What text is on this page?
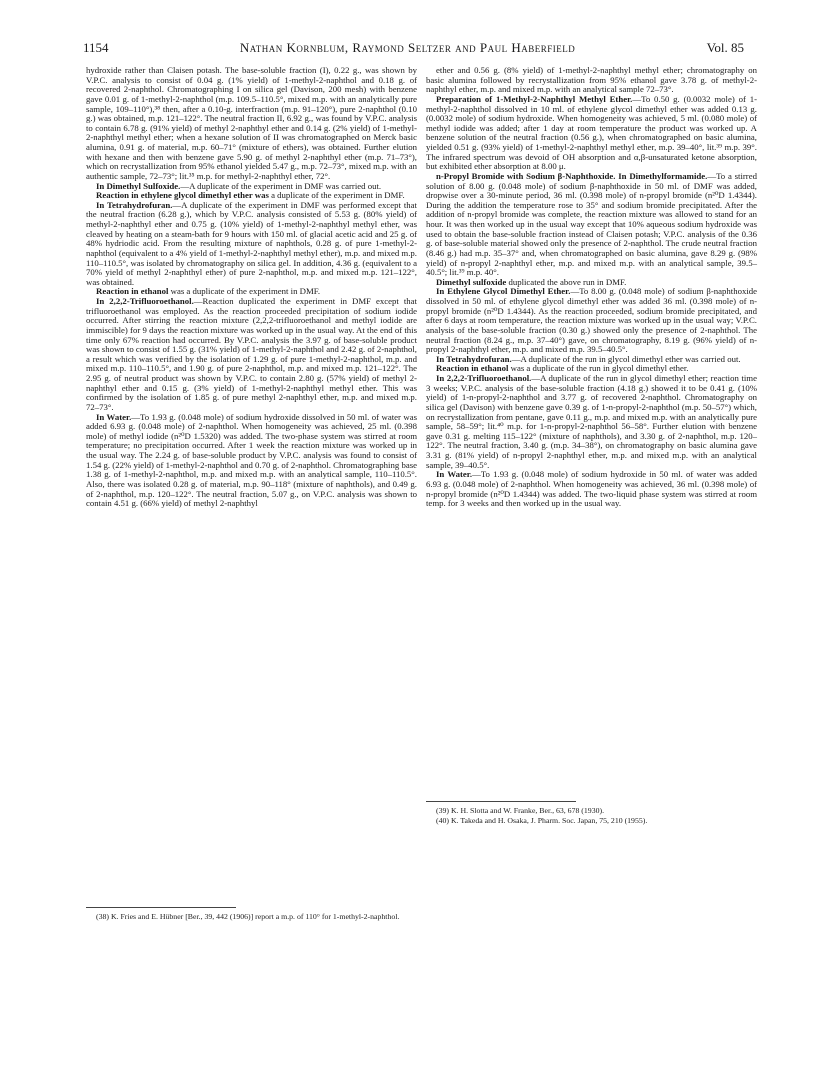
1154	Nathan Kornblum, Raymond Seltzer and Paul Haberfield	Vol. 85

hydroxide rather than Claisen potash. The base-soluble fraction (I), 0.22 g., was shown by V.P.C. analysis to consist of 0.04 g. (1% yield) of 1-methyl-2-naphthol and 0.18 g. of recovered 2-naphthol. Chromatographing I on silica gel (Davison, 200 mesh) with benzene gave 0.01 g. of 1-methyl-2-naphthol (m.p. 109.5–110.5°, mixed m.p. with an analytically pure sample, 109–110°),³⁸ then, after a 0.10-g. interfraction (m.p. 91–120°), pure 2-naphthol (0.10 g.) was obtained, m.p. 121–122°. The neutral fraction II, 6.92 g., was found by V.P.C. analysis to contain 6.78 g. (91% yield) of methyl 2-naphthyl ether and 0.14 g. (2% yield) of 1-methyl-2-naphthyl methyl ether; when a hexane solution of II was chromatographed on Merck basic alumina, 0.91 g. of material, m.p. 60–71° (mixture of ethers), was obtained. Further elution with hexane and then with benzene gave 5.90 g. of methyl 2-naphthyl ether (m.p. 71–73°), which on recrystallization from 95% ethanol yielded 5.47 g., m.p. 72–73°, mixed m.p. with an authentic sample, 72–73°; lit.³⁵ m.p. for methyl-2-naphthyl ether, 72°.

In Dimethyl Sulfoxide.—A duplicate of the experiment in DMF was carried out.

Reaction in ethylene glycol dimethyl ether was a duplicate of the experiment in DMF.

In Tetrahydrofuran.—A duplicate of the experiment in DMF was performed except that the neutral fraction (6.28 g.), which by V.P.C. analysis consisted of 5.53 g. (80% yield) of methyl-2-naphthyl ether and 0.75 g. (10% yield) of 1-methyl-2-naphthyl methyl ether, was cleaved by heating on a steam-bath for 9 hours with 150 ml. of glacial acetic acid and 25 g. of 48% hydriodic acid. From the resulting mixture of naphthols, 0.28 g. of pure 1-methyl-2-naphthol (equivalent to a 4% yield of 1-methyl-2-naphthyl methyl ether), m.p. and mixed m.p. 110–110.5°, was isolated by chromatography on silica gel. In addition, 4.36 g. (equivalent to a 70% yield of methyl 2-naphthyl ether) of pure 2-naphthol, m.p. and mixed m.p. 121–122°, was obtained.

Reaction in ethanol was a duplicate of the experiment in DMF.

In 2,2,2-Trifluoroethanol.—Reaction duplicated the experiment in DMF except that trifluoroethanol was employed. As the reaction proceeded precipitation of sodium iodide occurred. After stirring the reaction mixture (2,2,2-trifluoroethanol and methyl iodide are immiscible) for 9 days the reaction mixture was worked up in the usual way. At the end of this time only 67% reaction had occurred. By V.P.C. analysis the 3.97 g. of base-soluble product was shown to consist of 1.55 g. (31% yield) of 1-methyl-2-naphthol and 2.42 g. of 2-naphthol, a result which was verified by the isolation of 1.29 g. of pure 1-methyl-2-naphthol, m.p. and mixed m.p. 110–110.5°, and 1.90 g. of pure 2-naphthol, m.p. and mixed m.p. 121–122°. The 2.95 g. of neutral product was shown by V.P.C. to contain 2.80 g. (57% yield) of methyl 2-naphthyl ether and 0.15 g. (3% yield) of 1-methyl-2-naphthyl methyl ether. This was confirmed by the isolation of 1.85 g. of pure methyl 2-naphthyl ether, m.p. and mixed m.p. 72–73°.

In Water.—To 1.93 g. (0.048 mole) of sodium hydroxide dissolved in 50 ml. of water was added 6.93 g. (0.048 mole) of 2-naphthol. When homogeneity was achieved, 25 ml. (0.398 mole) of methyl iodide (n²⁰D 1.5320) was added. The two-phase system was stirred at room temperature; no precipitation occurred. After 1 week the reaction mixture was worked up in the usual way. The 2.24 g. of base-soluble product by V.P.C. analysis was found to consist of 1.54 g. (22% yield) of 1-methyl-2-naphthol and 0.70 g. of 2-naphthol. Chromatographing base 1.38 g. of 1-methyl-2-naphthol, m.p. and mixed m.p. with an analytical sample, 110–110.5°. Also, there was isolated 0.28 g. of material, m.p. 90–118° (mixture of naphthols), and 0.49 g. of 2-naphthol, m.p. 120–122°. The neutral fraction, 5.07 g., on V.P.C. analysis was shown to contain 4.51 g. (66% yield) of methyl 2-naphthyl

ether and 0.56 g. (8% yield) of 1-methyl-2-naphthyl methyl ether; chromatography on basic alumina followed by recrystallization from 95% ethanol gave 3.78 g. of methyl-2-naphthyl ether, m.p. and mixed m.p. with an analytical sample 72–73°.

Preparation of 1-Methyl-2-Naphthyl Methyl Ether.—To 0.50 g. (0.0032 mole) of 1-methyl-2-naphthol dissolved in 10 ml. of ethylene glycol dimethyl ether was added 0.13 g. (0.0032 mole) of sodium hydroxide. When homogeneity was achieved, 5 ml. (0.080 mole) of methyl iodide was added; after 1 day at room temperature the product was worked up. A benzene solution of the neutral fraction (0.56 g.), when chromatographed on basic alumina, yielded 0.51 g. (93% yield) of 1-methyl-2-naphthyl methyl ether, m.p. 39–40°, lit.³⁹ m.p. 39°. The infrared spectrum was devoid of OH absorption and α,β-unsaturated ketone absorption, but exhibited ether absorption at 8.00 μ.

n-Propyl Bromide with Sodium β-Naphthoxide. In Dimethylformamide.—To a stirred solution of 8.00 g. (0.048 mole) of sodium β-naphthoxide in 50 ml. of DMF was added, dropwise over a 30-minute period, 36 ml. (0.398 mole) of n-propyl bromide (n²⁰D 1.4344). During the addition the temperature rose to 35° and sodium bromide precipitated. After the addition of n-propyl bromide was complete, the reaction mixture was allowed to stand for an hour. It was then worked up in the usual way except that 10% aqueous sodium hydroxide was used to obtain the base-soluble fraction instead of Claisen potash; V.P.C. analysis of the 0.36 g. of base-soluble material showed only the presence of 2-naphthol. The crude neutral fraction (8.46 g.) had m.p. 35–37° and, when chromatographed on basic alumina, gave 8.29 g. (98% yield) of n-propyl 2-naphthyl ether, m.p. and mixed m.p. with an analytical sample, 39.5–40.5°; lit.³⁹ m.p. 40°.

Dimethyl sulfoxide duplicated the above run in DMF.

In Ethylene Glycol Dimethyl Ether.—To 8.00 g. (0.048 mole) of sodium β-naphthoxide dissolved in 50 ml. of ethylene glycol dimethyl ether was added 36 ml. (0.398 mole) of n-propyl bromide (n²⁰D 1.4344). As the reaction proceeded, sodium bromide precipitated, and after 6 days at room temperature, the reaction mixture was worked up in the usual way; V.P.C. analysis of the base-soluble fraction (0.30 g.) showed only the presence of 2-naphthol. The neutral fraction (8.24 g., m.p. 37–40°) gave, on chromatography, 8.19 g. (96% yield) of n-propyl 2-naphthyl ether, m.p. and mixed m.p. 39.5–40.5°.

In Tetrahydrofuran.—A duplicate of the run in glycol dimethyl ether was carried out.

Reaction in ethanol was a duplicate of the run in glycol dimethyl ether.

In 2,2,2-Trifluoroethanol.—A duplicate of the run in glycol dimethyl ether; reaction time 3 weeks; V.P.C. analysis of the base-soluble fraction (4.18 g.) showed it to be 0.41 g. (10% yield) of 1-n-propyl-2-naphthol and 3.77 g. of recovered 2-naphthol. Chromatography on silica gel (Davison) with benzene gave 0.39 g. of 1-n-propyl-2-naphthol (m.p. 50–57°) which, on recrystallization from pentane, gave 0.11 g., m.p. and mixed m.p. with an analytically pure sample, 58–59°; lit.⁴⁰ m.p. for 1-n-propyl-2-naphthol 56–58°. Further elution with benzene gave 0.31 g. melting 115–122° (mixture of naphthols), and 3.30 g. of 2-naphthol, m.p. 120–122°. The neutral fraction, 3.40 g. (m.p. 34–38°), on chromatography on basic alumina gave 3.31 g. (81% yield) of n-propyl 2-naphthyl ether, m.p. and mixed m.p. with an analytical sample, 39–40.5°.

In Water.—To 1.93 g. (0.048 mole) of sodium hydroxide in 50 ml. of water was added 6.93 g. (0.048 mole) of 2-naphthol. When homogeneity was achieved, 36 ml. (0.398 mole) of n-propyl bromide (n²⁰D 1.4344) was added. The two-liquid phase system was stirred at room temp. for 3 weeks and then worked up in the usual way.

(38) K. Fries and E. Hübner [Ber., 39, 442 (1906)] report a m.p. of 110° for 1-methyl-2-naphthol.

(39) K. H. Slotta and W. Franke, Ber., 63, 678 (1930).

(40) K. Takeda and H. Osaka, J. Pharm. Soc. Japan, 75, 210 (1955).
